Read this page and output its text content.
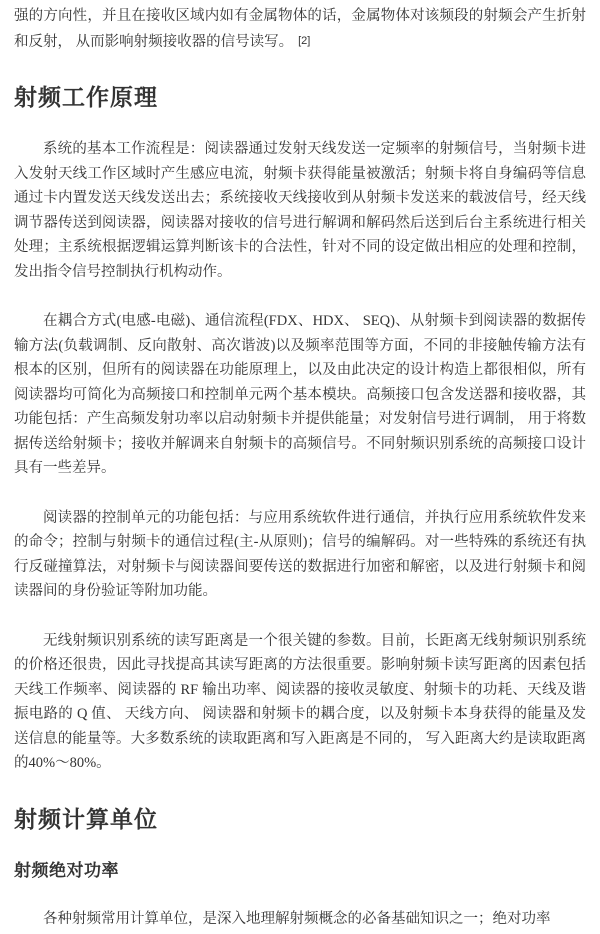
强的方向性，并且在接收区域内如有金属物体的话，金属物体对该频段的射频会产生折射和反射， 从而影响射频接收器的信号读写。 [2]

射频工作原理

系统的基本工作流程是：阅读器通过发射天线发送一定频率的射频信号，当射频卡进入发射天线工作区域时产生感应电流，射频卡获得能量被激活；射频卡将自身编码等信息通过卡内置发送天线发送出去；系统接收天线接收到从射频卡发送来的载波信号，经天线调节器传送到阅读器，阅读器对接收的信号进行解调和解码然后送到后台主系统进行相关处理；主系统根据逻辑运算判断该卡的合法性，针对不同的设定做出相应的处理和控制，发出指令信号控制执行机构动作。

在耦合方式(电感-电磁)、通信流程(FDX、HDX、 SEQ)、从射频卡到阅读器的数据传输方法(负载调制、反向散射、高次谐波)以及频率范围等方面，不同的非接触传输方法有根本的区别，但所有的阅读器在功能原理上，以及由此决定的设计构造上都很相似，所有阅读器均可简化为高频接口和控制单元两个基本模块。高频接口包含发送器和接收器，其功能包括：产生高频发射功率以启动射频卡并提供能量；对发射信号进行调制， 用于将数据传送给射频卡；接收并解调来自射频卡的高频信号。不同射频识别系统的高频接口设计具有一些差异。

阅读器的控制单元的功能包括：与应用系统软件进行通信，并执行应用系统软件发来的命令；控制与射频卡的通信过程(主-从原则)；信号的编解码。对一些特殊的系统还有执行反碰撞算法，对射频卡与阅读器间要传送的数据进行加密和解密，以及进行射频卡和阅读器间的身份验证等附加功能。

无线射频识别系统的读写距离是一个很关键的参数。目前，长距离无线射频识别系统的价格还很贵，因此寻找提高其读写距离的方法很重要。影响射频卡读写距离的因素包括天线工作频率、阅读器的 RF 输出功率、阅读器的接收灵敏度、射频卡的功耗、天线及谐振电路的 Q 值、 天线方向、 阅读器和射频卡的耦合度，以及射频卡本身获得的能量及发送信息的能量等。大多数系统的读取距离和写入距离是不同的， 写入距离大约是读取距离的40%～80%。

射频计算单位
射频绝对功率

各种射频常用计算单位，是深入地理解射频概念的必备基础知识之一；绝对功率
